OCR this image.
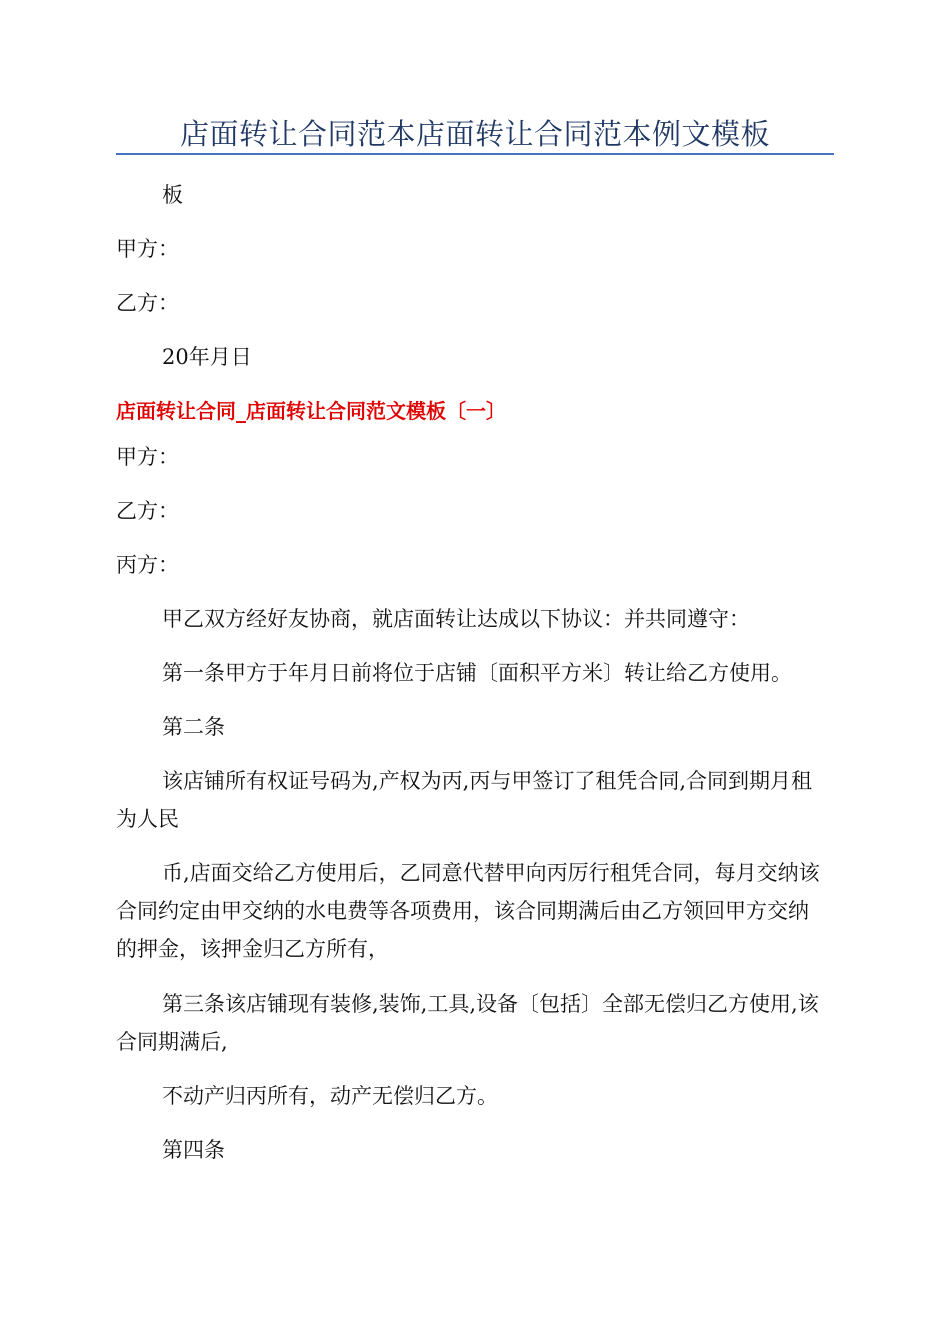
店面转让合同范本店面转让合同范本例文模板
板
甲方：
乙方：
20年月日
店面转让合同_店面转让合同范文模板〔一〕
甲方：
乙方：
丙方：
甲乙双方经好友协商，就店面转让达成以下协议：并共同遵守：
第一条甲方于年月日前将位于店铺〔面积平方米〕转让给乙方使用。
第二条
该店铺所有权证号码为,产权为丙,丙与甲签订了租凭合同,合同到期月租为人民
币,店面交给乙方使用后，乙同意代替甲向丙厉行租凭合同，每月交纳该合同约定由甲交纳的水电费等各项费用，该合同期满后由乙方领回甲方交纳的押金，该押金归乙方所有，
第三条该店铺现有装修,装饰,工具,设备〔包括〕全部无偿归乙方使用,该合同期满后,
不动产归丙所有，动产无偿归乙方。
第四条
